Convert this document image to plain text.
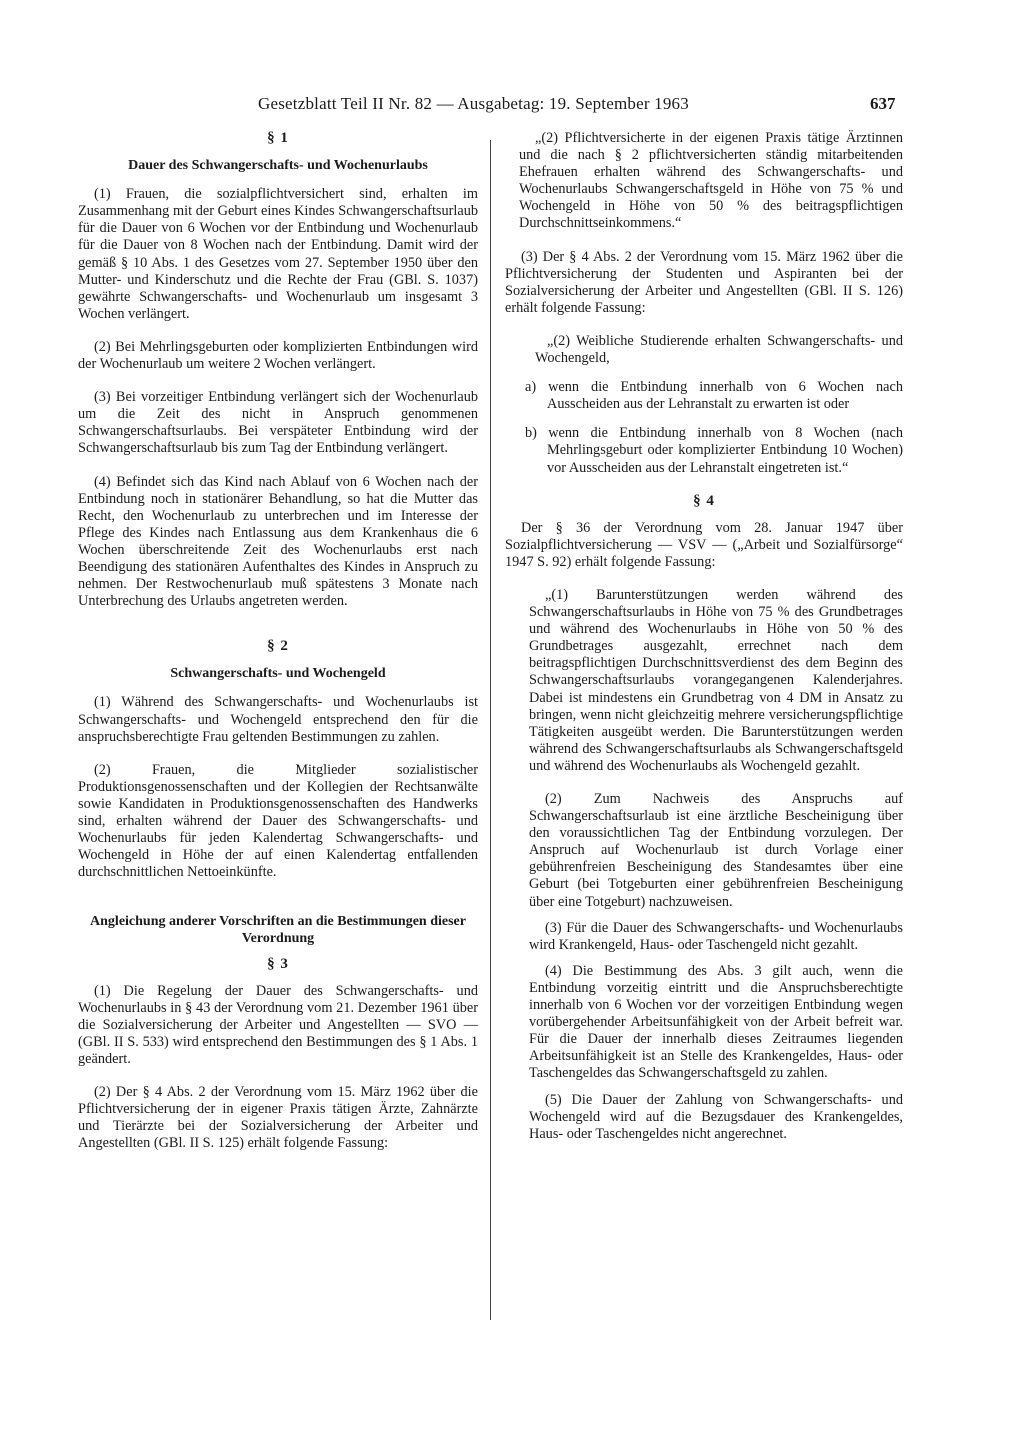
Gesetzblatt Teil II Nr. 82 — Ausgabetag: 19. September 1963	637

§ 1

Dauer des Schwangerschafts- und Wochenurlaubs

(1) Frauen, die sozialpflichtversichert sind, erhalten im Zusammenhang mit der Geburt eines Kindes Schwangerschaftsurlaub für die Dauer von 6 Wochen vor der Entbindung und Wochenurlaub für die Dauer von 8 Wochen nach der Entbindung. Damit wird der gemäß § 10 Abs. 1 des Gesetzes vom 27. September 1950 über den Mutter- und Kinderschutz und die Rechte der Frau (GBl. S. 1037) gewährte Schwangerschafts- und Wochenurlaub um insgesamt 3 Wochen verlängert.

(2) Bei Mehrlingsgeburten oder komplizierten Entbindungen wird der Wochenurlaub um weitere 2 Wochen verlängert.

(3) Bei vorzeitiger Entbindung verlängert sich der Wochenurlaub um die Zeit des nicht in Anspruch genommenen Schwangerschaftsurlaubs. Bei verspäteter Entbindung wird der Schwangerschaftsurlaub bis zum Tag der Entbindung verlängert.

(4) Befindet sich das Kind nach Ablauf von 6 Wochen nach der Entbindung noch in stationärer Behandlung, so hat die Mutter das Recht, den Wochenurlaub zu unterbrechen und im Interesse der Pflege des Kindes nach Entlassung aus dem Krankenhaus die 6 Wochen überschreitende Zeit des Wochenurlaubs erst nach Beendigung des stationären Aufenthaltes des Kindes in Anspruch zu nehmen. Der Restwochenurlaub muß spätestens 3 Monate nach Unterbrechung des Urlaubs angetreten werden.

§ 2

Schwangerschafts- und Wochengeld

(1) Während des Schwangerschafts- und Wochenurlaubs ist Schwangerschafts- und Wochengeld entsprechend den für die anspruchsberechtigte Frau geltenden Bestimmungen zu zahlen.

(2) Frauen, die Mitglieder sozialistischer Produktionsgenossenschaften und der Kollegien der Rechtsanwälte sowie Kandidaten in Produktionsgenossenschaften des Handwerks sind, erhalten während der Dauer des Schwangerschafts- und Wochenurlaubs für jeden Kalendertag Schwangerschafts- und Wochengeld in Höhe der auf einen Kalendertag entfallenden durchschnittlichen Nettoeinkünfte.

Angleichung anderer Vorschriften an die Bestimmungen dieser Verordnung

§ 3

(1) Die Regelung der Dauer des Schwangerschafts- und Wochenurlaubs in § 43 der Verordnung vom 21. Dezember 1961 über die Sozialversicherung der Arbeiter und Angestellten — SVO — (GBl. II S. 533) wird entsprechend den Bestimmungen des § 1 Abs. 1 geändert.

(2) Der § 4 Abs. 2 der Verordnung vom 15. März 1962 über die Pflichtversicherung der in eigener Praxis tätigen Ärzte, Zahnärzte und Tierärzte bei der Sozialversicherung der Arbeiter und Angestellten (GBl. II S. 125) erhält folgende Fassung:

„(2) Pflichtversicherte in der eigenen Praxis tätige Ärztinnen und die nach § 2 pflichtversicherten ständig mitarbeitenden Ehefrauen erhalten während des Schwangerschafts- und Wochenurlaubs Schwangerschaftsgeld in Höhe von 75 % und Wochengeld in Höhe von 50 % des beitragspflichtigen Durchschnittseinkommens.“

(3) Der § 4 Abs. 2 der Verordnung vom 15. März 1962 über die Pflichtversicherung der Studenten und Aspiranten bei der Sozialversicherung der Arbeiter und Angestellten (GBl. II S. 126) erhält folgende Fassung:

„(2) Weibliche Studierende erhalten Schwangerschafts- und Wochengeld,

a) wenn die Entbindung innerhalb von 6 Wochen nach Ausscheiden aus der Lehranstalt zu erwarten ist oder

b) wenn die Entbindung innerhalb von 8 Wochen (nach Mehrlingsgeburt oder komplizierter Entbindung 10 Wochen) vor Ausscheiden aus der Lehranstalt eingetreten ist.“

§ 4

Der § 36 der Verordnung vom 28. Januar 1947 über Sozialpflichtversicherung — VSV — („Arbeit und Sozialfürsorge“ 1947 S. 92) erhält folgende Fassung:

„(1) Barunterstützungen werden während des Schwangerschaftsurlaubs in Höhe von 75 % des Grundbetrages und während des Wochenurlaubs in Höhe von 50 % des Grundbetrages ausgezahlt, errechnet nach dem beitragspflichtigen Durchschnittsverdienst des dem Beginn des Schwangerschaftsurlaubs vorangegangenen Kalenderjahres. Dabei ist mindestens ein Grundbetrag von 4 DM in Ansatz zu bringen, wenn nicht gleichzeitig mehrere versicherungspflichtige Tätigkeiten ausgeübt werden. Die Barunterstützungen werden während des Schwangerschaftsurlaubs als Schwangerschaftsgeld und während des Wochenurlaubs als Wochengeld gezahlt.

(2) Zum Nachweis des Anspruchs auf Schwangerschaftsurlaub ist eine ärztliche Bescheinigung über den voraussichtlichen Tag der Entbindung vorzulegen. Der Anspruch auf Wochenurlaub ist durch Vorlage einer gebührenfreien Bescheinigung des Standesamtes über eine Geburt (bei Totgeburten einer gebührenfreien Bescheinigung über eine Totgeburt) nachzuweisen.

(3) Für die Dauer des Schwangerschafts- und Wochenurlaubs wird Krankengeld, Haus- oder Taschengeld nicht gezahlt.

(4) Die Bestimmung des Abs. 3 gilt auch, wenn die Entbindung vorzeitig eintritt und die Anspruchsberechtigte innerhalb von 6 Wochen vor der vorzeitigen Entbindung wegen vorübergehender Arbeitsunfähigkeit von der Arbeit befreit war. Für die Dauer der innerhalb dieses Zeitraumes liegenden Arbeitsunfähigkeit ist an Stelle des Krankengeldes, Haus- oder Taschengeldes das Schwangerschaftsgeld zu zahlen.

(5) Die Dauer der Zahlung von Schwangerschafts- und Wochengeld wird auf die Bezugsdauer des Krankengeldes, Haus- oder Taschengeldes nicht angerechnet.
